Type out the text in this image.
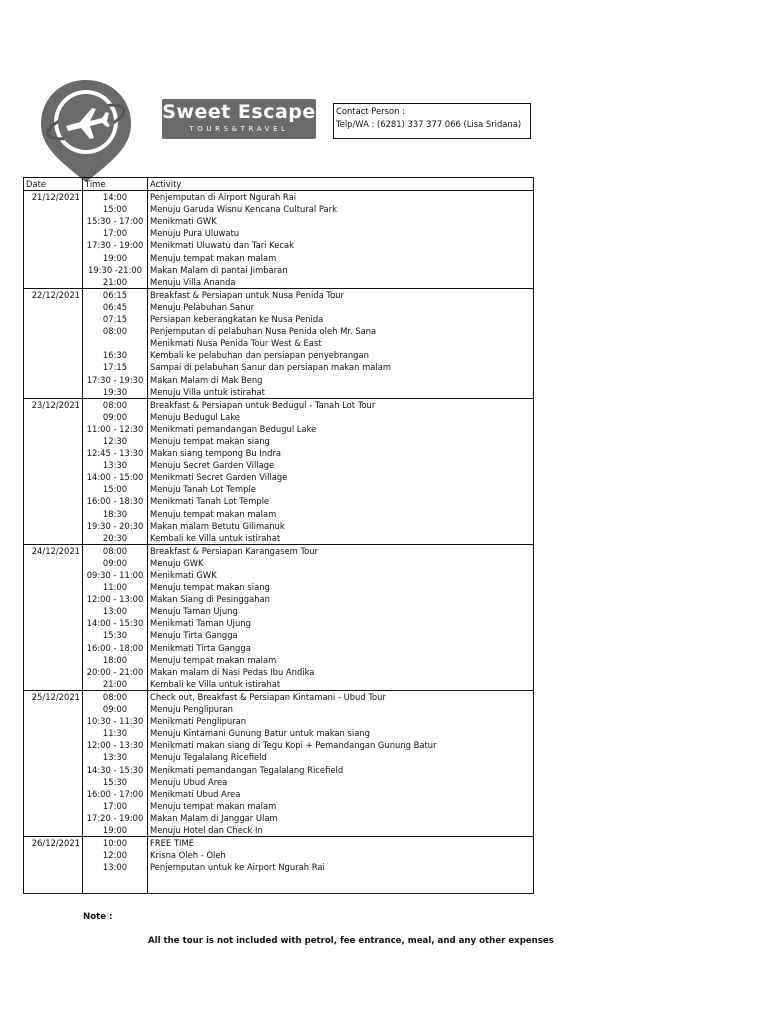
Sweet Escape
TOURS&TRAVEL
Contact Person :
Telp/WA : (6281) 337 377 066 (Lisa Sridana)
Date	Time	Activity
21/12/2021	14:00	Penjemputan di Airport Ngurah Rai
	15:00	Menuju Garuda Wisnu Kencana Cultural Park
	15:30 - 17:00	Menikmati GWK
	17:00	Menuju Pura Uluwatu
	17:30 - 19:00	Menikmati Uluwatu dan Tari Kecak
	19:00	Menuju tempat makan malam
	19:30 -21:00	Makan Malam di pantai Jimbaran
	21:00	Menuju Villa Ananda
22/12/2021	06:15	Breakfast & Persiapan untuk Nusa Penida Tour
	06:45	Menuju Pelabuhan Sanur
	07:15	Persiapan keberangkatan ke Nusa Penida
	08:00	Penjemputan di pelabuhan Nusa Penida oleh Mr. Sana
		Menikmati Nusa Penida Tour West & East
	16:30	Kembali ke pelabuhan dan persiapan penyebrangan
	17:15	Sampai di pelabuhan Sanur dan persiapan makan malam
	17:30 - 19:30	Makan Malam di Mak Beng
	19:30	Menuju Villa untuk istirahat
23/12/2021	08:00	Breakfast & Persiapan untuk Bedugul - Tanah Lot Tour
	09:00	Menuju Bedugul Lake
	11:00 - 12:30	Menikmati pemandangan Bedugul Lake
	12:30	Menuju tempat makan siang
	12:45 - 13:30	Makan siang tempong Bu Indra
	13:30	Menuju Secret Garden Village
	14:00 - 15:00	Menikmati Secret Garden Village
	15:00	Menuju Tanah Lot Temple
	16:00 - 18:30	Menikmati Tanah Lot Temple
	18:30	Menuju tempat makan malam
	19:30 - 20:30	Makan malam Betutu Gilimanuk
	20:30	Kembali ke Villa untuk istirahat
24/12/2021	08:00	Breakfast & Persiapan Karangasem Tour
	09:00	Menuju GWK
	09:30 - 11:00	Menikmati GWK
	11:00	Menuju tempat makan siang
	12:00 - 13:00	Makan Siang di Pesinggahan
	13:00	Menuju Taman Ujung
	14:00 - 15:30	Menikmati Taman Ujung
	15:30	Menuju Tirta Gangga
	16:00 - 18:00	Menikmati Tirta Gangga
	18:00	Menuju tempat makan malam
	20:00 - 21:00	Makan malam di Nasi Pedas Ibu Andika
	21:00	Kembali ke Villa untuk istirahat
25/12/2021	08:00	Check out, Breakfast & Persiapan Kintamani - Ubud Tour
	09:00	Menuju Penglipuran
	10:30 - 11:30	Menikmati Penglipuran
	11:30	Menuju Kintamani Gunung Batur untuk makan siang
	12:00 - 13:30	Menikmati makan siang di Tegu Kopi + Pemandangan Gunung Batur
	13:30	Menuju Tegalalang Ricefield
	14:30 - 15:30	Menikmati pemandangan Tegalalang Ricefield
	15:30	Menuju Ubud Area
	16:00 - 17:00	Menikmati Ubud Area
	17:00	Menuju tempat makan malam
	17:20 - 19:00	Makan Malam di Janggar Ulam
	19:00	Menuju Hotel dan Check In
26/12/2021	10:00	FREE TIME
	12:00	Krisna Oleh - Oleh
	13:00	Penjemputan untuk ke Airport Ngurah Rai

Note :
All the tour is not included with petrol, fee entrance, meal, and any other expenses
